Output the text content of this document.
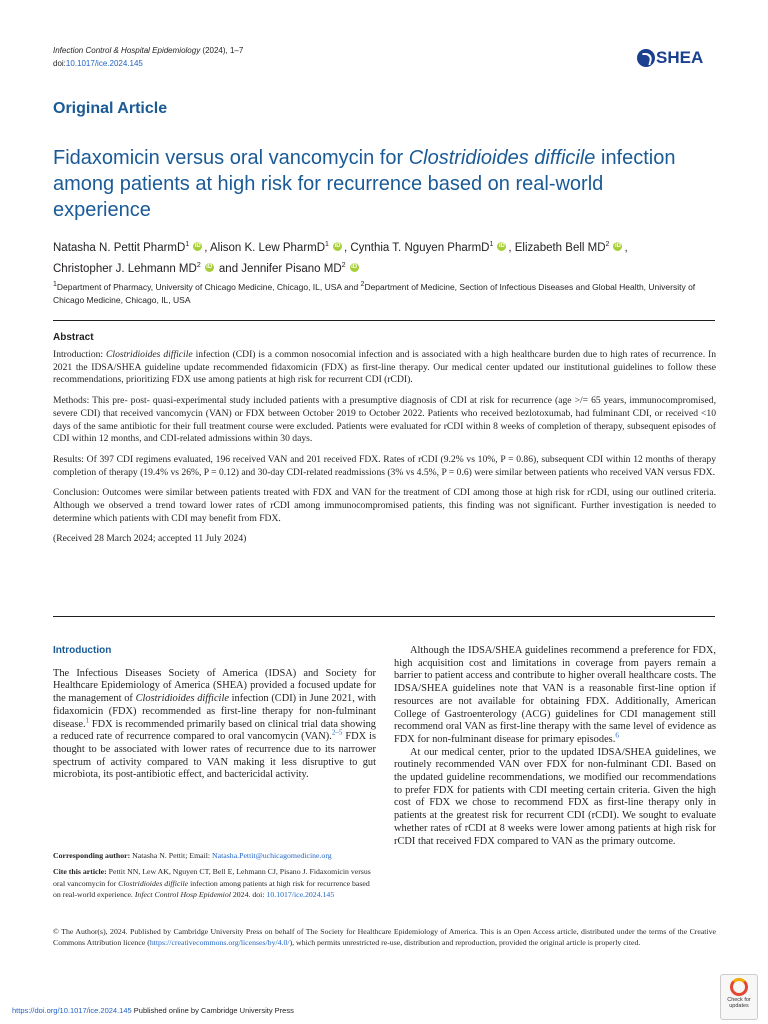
Infection Control & Hospital Epidemiology (2024), 1–7
doi:10.1017/ice.2024.145	SHEA
Original Article
Fidaxomicin versus oral vancomycin for Clostridioides difficile infection among patients at high risk for recurrence based on real-world experience
Natasha N. Pettit PharmD$^1$ iD , Alison K. Lew PharmD$^1$ iD , Cynthia T. Nguyen PharmD$^1$ iD , Elizabeth Bell $MD^2$ iD ,
Christopher J. Lehmann $MD^2$ iD and Jennifer Pisano $MD^2$ iD
$^1$Department of Pharmacy, University of Chicago Medicine, Chicago, IL, USA and $^2$Department of Medicine, Section of Infectious Diseases and Global Health, University of Chicago Medicine, Chicago, IL, USA
Abstract

Introduction: Clostridioides difficile infection (CDI) is a common nosocomial infection and is associated with a high healthcare burden due to high rates of recurrence. In 2021 the IDSA/SHEA guideline update recommended fidaxomicin (FDX) as first-line therapy. Our medical center updated our institutional guidelines to follow these recommendations, prioritizing FDX use among patients at high risk for recurrent CDI (rCDI).

Methods: This pre- post- quasi-experimental study included patients with a presumptive diagnosis of CDI at risk for recurrence (age >/= 65 years, immunocompromised, severe CDI) that received vancomycin (VAN) or FDX between October 2019 to October 2022. Patients who received bezlotoxumab, had fulminant CDI, or received <10 days of the same antibiotic for their full treatment course were excluded. Patients were evaluated for rCDI within 8 weeks of completion of therapy, subsequent episodes of CDI within 12 months, and CDI-related admissions within 30 days.

Results: Of 397 CDI regimens evaluated, 196 received VAN and 201 received FDX. Rates of rCDI (9.2% vs 10%, P = 0.86), subsequent CDI within 12 months of therapy completion of therapy (19.4% vs 26%, P = 0.12) and 30-day CDI-related readmissions (3% vs 4.5%, P = 0.6) were similar between patients who received VAN versus FDX.

Conclusion: Outcomes were similar between patients treated with FDX and VAN for the treatment of CDI among those at high risk for rCDI, using our outlined criteria. Although we observed a trend toward lower rates of rCDI among immunocompromised patients, this finding was not significant. Further investigation is needed to determine which patients with CDI may benefit from FDX.

(Received 28 March 2024; accepted 11 July 2024)

Introduction

The Infectious Diseases Society of America (IDSA) and Society for Healthcare Epidemiology of America (SHEA) provided a focused update for the management of Clostridioides difficile infection (CDI) in June 2021, with fidaxomicin (FDX) recommended as first-line therapy for non-fulminant disease.$^1$ FDX is recommended primarily based on clinical trial data showing a reduced rate of recurrence compared to oral vancomycin (VAN).$^{2-5}$ FDX is thought to be associated with lower rates of recurrence due to its narrower spectrum of activity compared to VAN making it less disruptive to gut microbiota, its post-antibiotic effect, and bactericidal activity.

Although the IDSA/SHEA guidelines recommend a preference for FDX, high acquisition cost and limitations in coverage from payers remain a barrier to patient access and contribute to higher overall healthcare costs. The IDSA/SHEA guidelines note that VAN is a reasonable first-line option if resources are not available for obtaining FDX. Additionally, American College of Gastroenterology (ACG) guidelines for CDI management still recommend oral VAN as first-line therapy with the same level of evidence as FDX for non-fulminant disease for primary episodes.$^6$

At our medical center, prior to the updated IDSA/SHEA guidelines, we routinely recommended VAN over FDX for non-fulminant CDI. Based on the updated guideline recommendations, we modified our recommendations to prefer FDX for patients with CDI meeting certain criteria. Given the high cost of FDX we chose to recommend FDX as first-line therapy only in patients at the greatest risk for recurrent CDI (rCDI). We sought to evaluate whether rates of rCDI at 8 weeks were lower among patients at high risk for rCDI that received FDX compared to VAN as the primary outcome.

Corresponding author: Natasha N. Pettit; Email: Natasha.Pettit@uchicagomedicine.org

Cite this article: Pettit NN, Lew AK, Nguyen CT, Bell E, Lehmann CJ, Pisano J. Fidaxomicin versus oral vancomycin for Clostridioides difficile infection among patients at high risk for recurrence based on real-world experience. Infect Control Hosp Epidemiol 2024. doi: 10.1017/ice.2024.145

© The Author(s), 2024. Published by Cambridge University Press on behalf of The Society for Healthcare Epidemiology of America. This is an Open Access article, distributed under the terms of the Creative Commons Attribution licence (https://creativecommons.org/licenses/by/4.0/), which permits unrestricted re-use, distribution and reproduction, provided the original article is properly cited.
https://doi.org/10.1017/ice.2024.145 Published online by Cambridge University Press
Check for
updates
